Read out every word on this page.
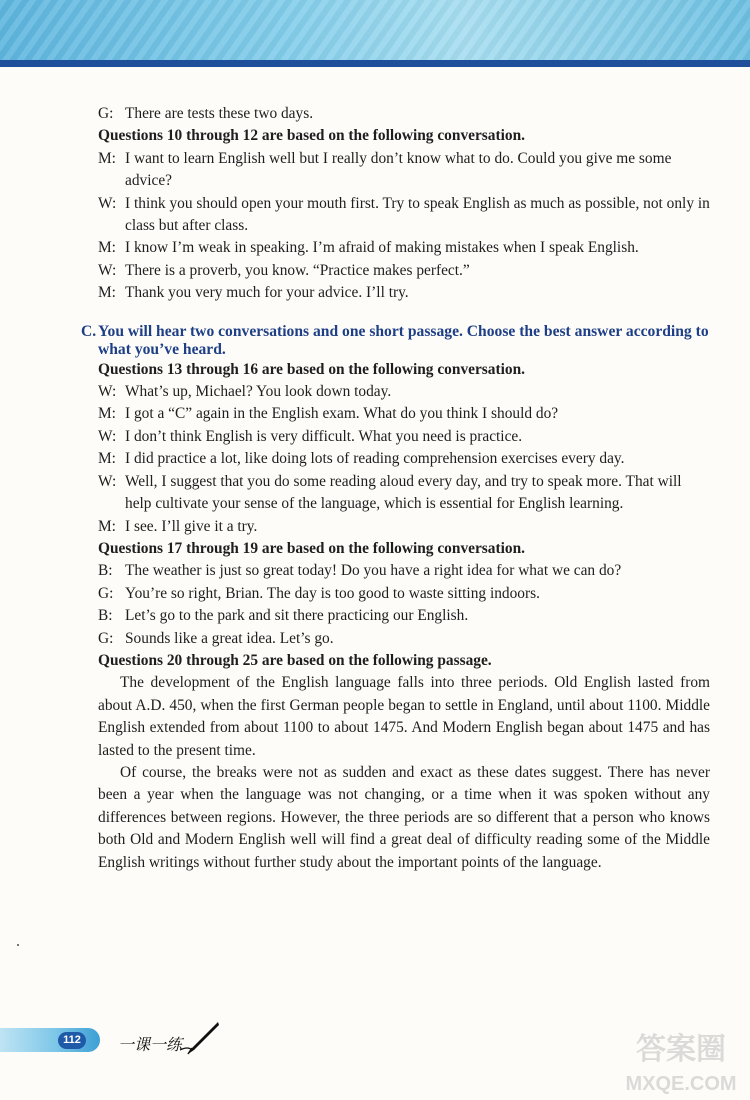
G: There are tests these two days.

Questions 10 through 12 are based on the following conversation.

M: I want to learn English well but I really don’t know what to do. Could you give me some advice?

W: I think you should open your mouth first. Try to speak English as much as possible, not only in class but after class.

M: I know I’m weak in speaking. I’m afraid of making mistakes when I speak English.

W: There is a proverb, you know. “Practice makes perfect.”

M: Thank you very much for your advice. I’ll try.

C. You will hear two conversations and one short passage. Choose the best answer according to what you’ve heard.

Questions 13 through 16 are based on the following conversation.

W: What’s up, Michael? You look down today.

M: I got a “C” again in the English exam. What do you think I should do?

W: I don’t think English is very difficult. What you need is practice.

M: I did practice a lot, like doing lots of reading comprehension exercises every day.

W: Well, I suggest that you do some reading aloud every day, and try to speak more. That will help cultivate your sense of the language, which is essential for English learning.

M: I see. I’ll give it a try.

Questions 17 through 19 are based on the following conversation.

B: The weather is just so great today! Do you have a right idea for what we can do?

G: You’re so right, Brian. The day is too good to waste sitting indoors.

B: Let’s go to the park and sit there practicing our English.

G: Sounds like a great idea. Let’s go.

Questions 20 through 25 are based on the following passage.

The development of the English language falls into three periods. Old English lasted from about A.D. 450, when the first German people began to settle in England, until about 1100. Middle English extended from about 1100 to about 1475. And Modern English began about 1475 and has lasted to the present time.

Of course, the breaks were not as sudden and exact as these dates suggest. There has never been a year when the language was not changing, or a time when it was spoken without any differences between regions. However, the three periods are so different that a person who knows both Old and Modern English well will find a great deal of difficulty reading some of the Middle English writings without further study about the important points of the language.

112	一课一练	答案圈
MXQE.COM
